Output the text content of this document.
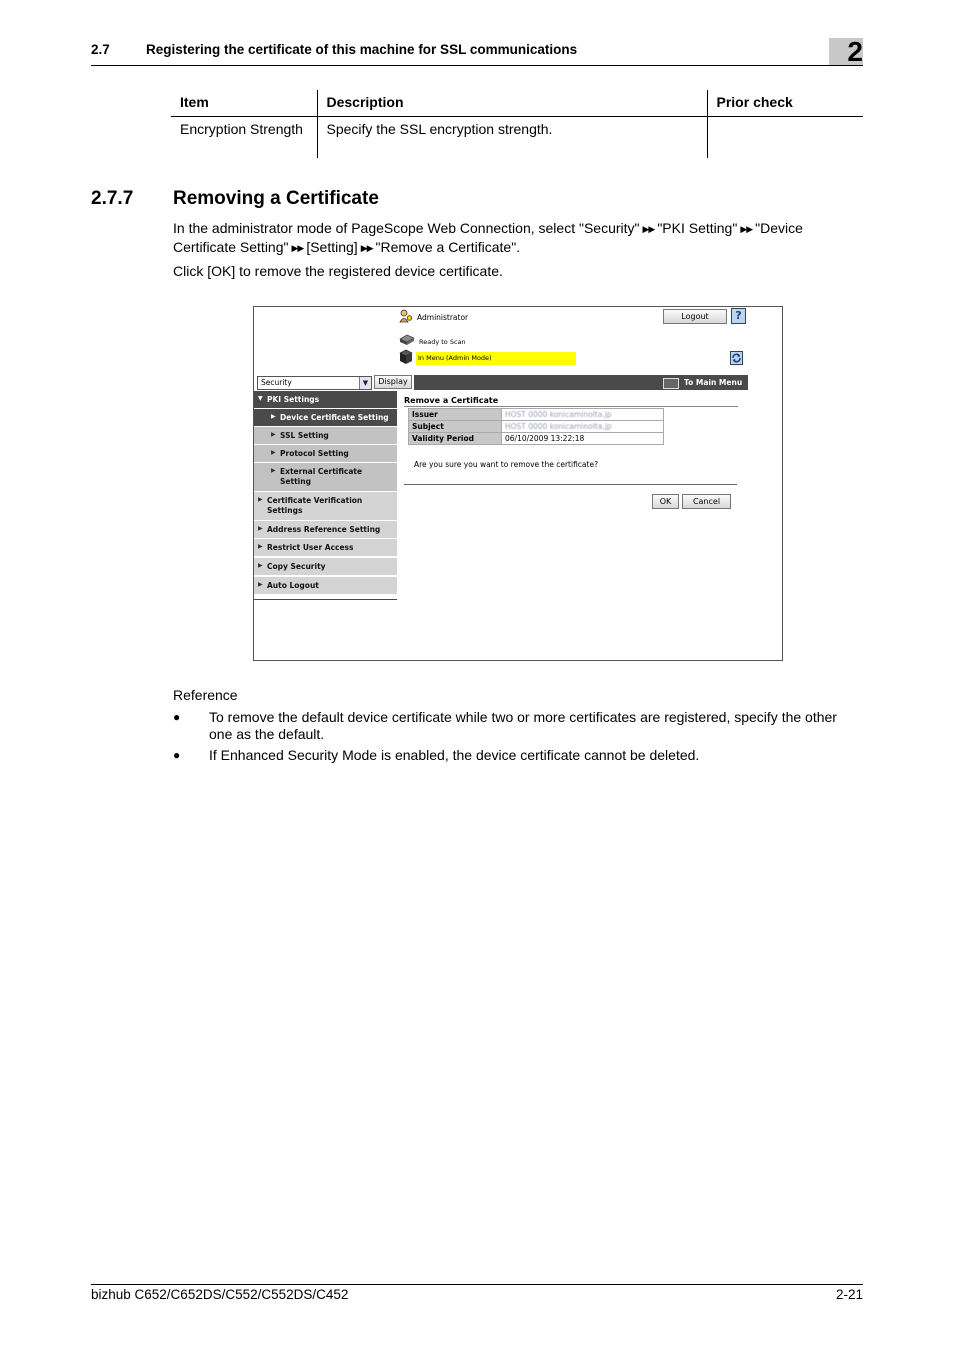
2.7	Registering the certificate of this machine for SSL communications	2
Item	Description	Prior check
Encryption Strength	Specify the SSL encryption strength.	
2.7.7 Removing a Certificate
In the administrator mode of PageScope Web Connection, select "Security" ▶▶ "PKI Setting" ▶▶ "Device Certificate Setting" ▶▶ [Setting] ▶▶ "Remove a Certificate".
Click [OK] to remove the registered device certificate.
Administrator	Logout	?
Ready to Scan
In Menu (Admin Mode)
Security	▼	Display	To Main Menu
▼ PKI Settings
▶ Device Certificate Setting
▶ SSL Setting
▶ Protocol Setting
▶ External Certificate Setting
▶ Certificate Verification Settings
▶ Address Reference Setting
▶ Restrict User Access
▶ Copy Security
▶ Auto Logout
Remove a Certificate
Issuer	HOST 0000 konicaminolta.jp
Subject	HOST 0000 konicaminolta.jp
Validity Period	06/10/2009 13:22:18
Are you sure you want to remove the certificate?
OK	Cancel
Reference
● To remove the default device certificate while two or more certificates are registered, specify the other one as the default.
● If Enhanced Security Mode is enabled, the device certificate cannot be deleted.
bizhub C652/C652DS/C552/C552DS/C452	2-21
